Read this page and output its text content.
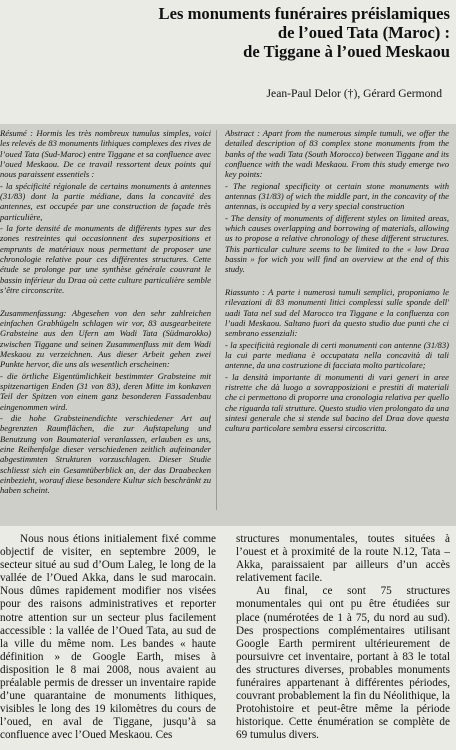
Les monuments funéraires préislamiques
de l’oued Tata (Maroc) :
de Tiggane à l’oued Meskaou
Jean-Paul Delor (†), Gérard Germond

Résumé : Hormis les très nombreux tumulus simples, voici les relevés de 83 monuments lithiques complexes des rives de l’oued Tata (Sud-Maroc) entre Tiggane et sa confluence avec l’oued Meskaou. De ce travail ressortent deux points qui nous paraissent essentiels :

- la spécificité régionale de certains monuments à antennes (31/83) dont la partie médiane, dans la concavité des antennes, est occupée par une construction de façade très particulière,

- la forte densité de monuments de différents types sur des zones restreintes qui occasionnent des superpositions et emprunts de matériaux nous permettant de proposer une chronologie relative pour ces différentes structures. Cette étude se prolonge par une synthèse générale couvrant le bassin inférieur du Draa où cette culture particulière semble s’être circonscrite.

Zusammenfassung: Abgesehen von den sehr zahlreichen einfachen Grabhügeln schlagen wir vor, 83 ausgearbeitete Grabsteine aus den Ufern am Wadi Tata (Südmarokko) zwischen Tiggane und seinen Zusammenfluss mit dem Wadi Meskaou zu verzeichnen. Aus dieser Arbeit gehen zwei Punkte hervor, die uns als wesentlich erscheinen:

- die örtliche Eigentümlichkeit bestimmter Grabsteine mit spitzenartigen Enden (31 von 83), deren Mitte im konkaven Teil der Spitzen von einem ganz besonderen Fassadenbau eingenommen wird.

- die hohe Grabsteinendichte verschiedener Art auf begrenzten Raumflächen, die zur Aufstapelung und Benutzung von Baumaterial veranlassen, erlauben es uns, eine Reihenfolge dieser verschiedenen zeitlich aufeinander abgestimmten Strukturen vorzuschlagen. Dieser Studie schliesst sich ein Gesamtüberblick an, der das Draabecken einbezieht, worauf diese besondere Kultur sich beschränkt zu haben scheint.

Abstract : Apart from the numerous simple tumuli, we offer the detailed description of 83 complex stone monuments from the banks of the wadi Tata (South Morocco) between Tiggane and its confluence with the wadi Meskaou. From this study emerge two key points:

- The regional specificity ot certain stone monuments with antennas (31/83) of wich the middle part, in the concavity of the antennas, is occupied by a very special construction

- The density of monuments of different styles on limited areas, which causes overlapping and borrowing of materials, allowing us to propose a relative chronology of these different structures. This particular culture seems to be limited to the « low Draa bassin » for wich you will find an overview at the end of this study.

Riassunto : A parte i numerosi tumuli semplici, proponiamo le rilevazioni di 83 monumenti litici complessi sulle sponde dell' uadi Tata nel sud del Marocco tra Tiggane e la confluenza con l’uadi Meskaou. Saltano fuori da questo studio due punti che ci sembrano essenziali:

- la specificità regionale di certi monumenti con antenne (31/83) la cui parte mediana è occupatata nella concavità di tali antenne, da una costruzione di facciata molto particolare;

- la densità importante di monumenti di vari generi in aree ristrette che dà luogo a sovrapposizioni e prestiti di materiali che ci permettono di proporre una cronologia relativa per quello che riguarda tali strutture. Questo studio vien prolongato da una sintesi generale che si stende sul bacino del Draa dove questa cultura particolare sembra essersi circoscritta.

Nous nous étions initialement fixé comme objectif de visiter, en septembre 2009, le secteur situé au sud d’Oum Laleg, le long de la vallée de l’Oued Akka, dans le sud marocain. Nous dûmes rapidement modifier nos visées pour des raisons administratives et reporter notre attention sur un secteur plus facilement accessible : la vallée de l’Oued Tata, au sud de la ville du même nom. Les bandes « haute définition » de Google Earth, mises à disposition le 8 mai 2008, nous avaient au préalable permis de dresser un inventaire rapide d’une quarantaine de monuments lithiques, visibles le long des 19 kilomètres du cours de l’oued, en aval de Tiggane, jusqu’à sa confluence avec l’Oued Meskaou. Ces

structures monumentales, toutes situées à l’ouest et à proximité de la route N.12, Tata – Akka, paraissaient par ailleurs d’un accès relativement facile.

Au final, ce sont 75 structures monumentales qui ont pu être étudiées sur place (numérotées de 1 à 75, du nord au sud). Des prospections complémentaires utilisant Google Earth permirent ultérieurement de poursuivre cet inventaire, portant à 83 le total des structures diverses, probables monuments funéraires appartenant à différentes périodes, couvrant probablement la fin du Néolithique, la Protohistoire et peut-être même la période historique. Cette énumération se complète de 69 tumulus divers.
